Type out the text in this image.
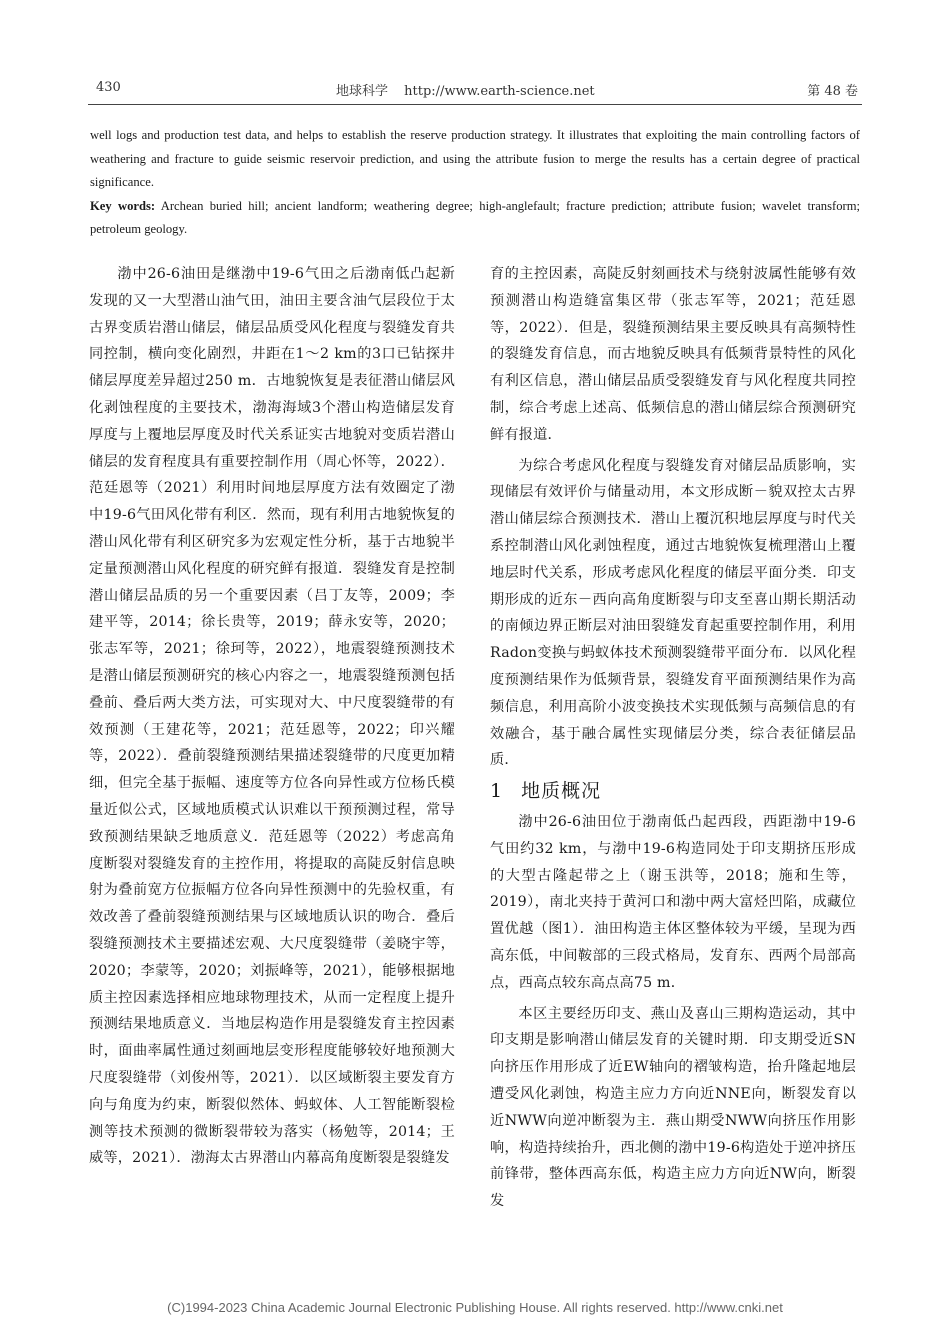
430	地球科学 http://www.earth-science.net	第 48 卷

well logs and production test data, and helps to establish the reserve production strategy. It illustrates that exploiting the main controlling factors of weathering and fracture to guide seismic reservoir prediction, and using the attribute fusion to merge the results has a certain degree of practical significance.

Key words: Archean buried hill; ancient landform; weathering degree; high-anglefault; fracture prediction; attribute fusion; wavelet transform; petroleum geology.

渤中26-6油田是继渤中19-6气田之后渤南低凸起新发现的又一大型潜山油气田，油田主要含油气层段位于太古界变质岩潜山储层，储层品质受风化程度与裂缝发育共同控制，横向变化剧烈，井距在1～2 km的3口已钻探井储层厚度差异超过250 m．古地貌恢复是表征潜山储层风化剥蚀程度的主要技术，渤海海域3个潜山构造储层发育厚度与上覆地层厚度及时代关系证实古地貌对变质岩潜山储层的发育程度具有重要控制作用（周心怀等，2022）．范廷恩等（2021）利用时间地层厚度方法有效圈定了渤中19-6气田风化带有利区．然而，现有利用古地貌恢复的潜山风化带有利区研究多为宏观定性分析，基于古地貌半定量预测潜山风化程度的研究鲜有报道．裂缝发育是控制潜山储层品质的另一个重要因素（吕丁友等，2009；李建平等，2014；徐长贵等，2019；薛永安等，2020；张志军等，2021；徐珂等，2022），地震裂缝预测技术是潜山储层预测研究的核心内容之一，地震裂缝预测包括叠前、叠后两大类方法，可实现对大、中尺度裂缝带的有效预测（王建花等，2021；范廷恩等，2022；印兴耀等，2022）．叠前裂缝预测结果描述裂缝带的尺度更加精细，但完全基于振幅、速度等方位各向异性或方位杨氏模量近似公式，区域地质模式认识难以干预预测过程，常导致预测结果缺乏地质意义．范廷恩等（2022）考虑高角度断裂对裂缝发育的主控作用，将提取的高陡反射信息映射为叠前宽方位振幅方位各向异性预测中的先验权重，有效改善了叠前裂缝预测结果与区域地质认识的吻合．叠后裂缝预测技术主要描述宏观、大尺度裂缝带（姜晓宇等，2020；李蒙等，2020；刘振峰等，2021），能够根据地质主控因素选择相应地球物理技术，从而一定程度上提升预测结果地质意义．当地层构造作用是裂缝发育主控因素时，面曲率属性通过刻画地层变形程度能够较好地预测大尺度裂缝带（刘俊州等，2021）．以区域断裂主要发育方向与角度为约束，断裂似然体、蚂蚁体、人工智能断裂检测等技术预测的微断裂带较为落实（杨勉等，2014；王威等，2021）．渤海太古界潜山内幕高角度断裂是裂缝发

育的主控因素，高陡反射刻画技术与绕射波属性能够有效预测潜山构造缝富集区带（张志军等，2021；范廷恩等，2022）．但是，裂缝预测结果主要反映具有高频特性的裂缝发育信息，而古地貌反映具有低频背景特性的风化有利区信息，潜山储层品质受裂缝发育与风化程度共同控制，综合考虑上述高、低频信息的潜山储层综合预测研究鲜有报道．

为综合考虑风化程度与裂缝发育对储层品质影响，实现储层有效评价与储量动用，本文形成断－貌双控太古界潜山储层综合预测技术．潜山上覆沉积地层厚度与时代关系控制潜山风化剥蚀程度，通过古地貌恢复梳理潜山上覆地层时代关系，形成考虑风化程度的储层平面分类．印支期形成的近东－西向高角度断裂与印支至喜山期长期活动的南倾边界正断层对油田裂缝发育起重要控制作用，利用Radon变换与蚂蚁体技术预测裂缝带平面分布．以风化程度预测结果作为低频背景，裂缝发育平面预测结果作为高频信息，利用高阶小波变换技术实现低频与高频信息的有效融合，基于融合属性实现储层分类，综合表征储层品质．

1 地质概况

渤中26-6油田位于渤南低凸起西段，西距渤中19-6气田约32 km，与渤中19-6构造同处于印支期挤压形成的大型古隆起带之上（谢玉洪等，2018；施和生等，2019），南北夹持于黄河口和渤中两大富烃凹陷，成藏位置优越（图1）．油田构造主体区整体较为平缓，呈现为西高东低，中间鞍部的三段式格局，发育东、西两个局部高点，西高点较东高点高75 m．

本区主要经历印支、燕山及喜山三期构造运动，其中印支期是影响潜山储层发育的关键时期．印支期受近SN向挤压作用形成了近EW轴向的褶皱构造，抬升隆起地层遭受风化剥蚀，构造主应力方向近NNE向，断裂发育以近NWW向逆冲断裂为主．燕山期受NWW向挤压作用影响，构造持续抬升，西北侧的渤中19-6构造处于逆冲挤压前锋带，整体西高东低，构造主应力方向近NW向，断裂发

(C)1994-2023 China Academic Journal Electronic Publishing House. All rights reserved. http://www.cnki.net
